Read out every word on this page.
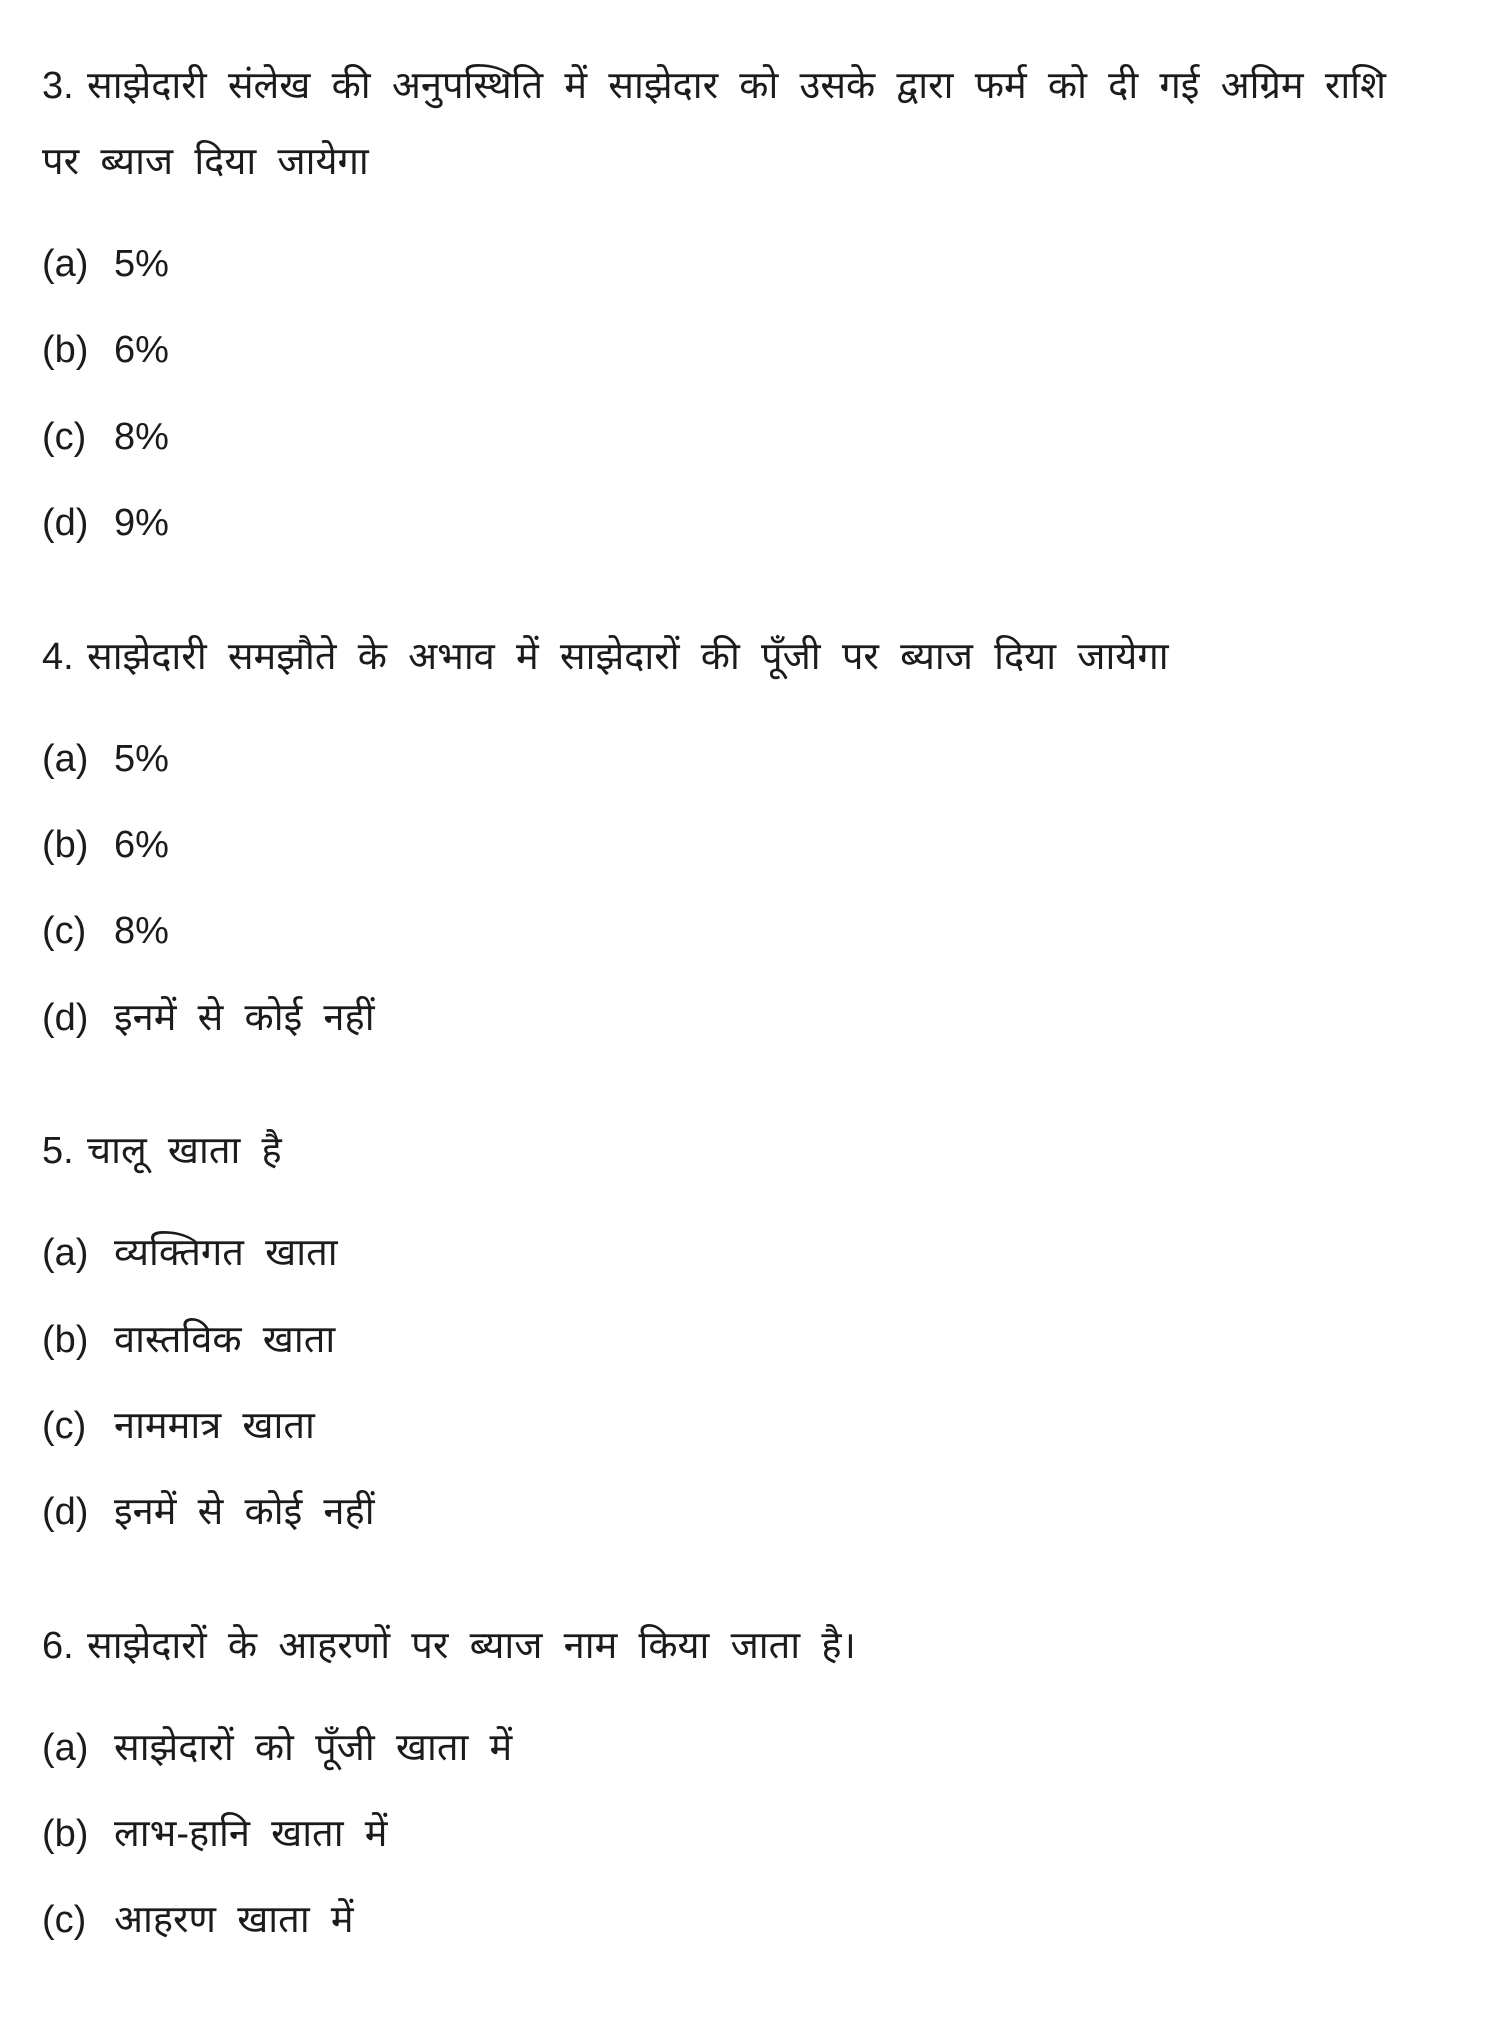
3. साझेदारी संलेख की अनुपस्थिति में साझेदार को उसके द्वारा फर्म को दी गई अग्रिम राशि पर ब्याज दिया जायेगा

(a) 5%
(b) 6%
(c) 8%
(d) 9%

4. साझेदारी समझौते के अभाव में साझेदारों की पूँजी पर ब्याज दिया जायेगा

(a) 5%
(b) 6%
(c) 8%
(d) इनमें से कोई नहीं

5. चालू खाता है

(a) व्यक्तिगत खाता
(b) वास्तविक खाता
(c) नाममात्र खाता
(d) इनमें से कोई नहीं

6. साझेदारों के आहरणों पर ब्याज नाम किया जाता है।

(a) साझेदारों को पूँजी खाता में
(b) लाभ-हानि खाता में
(c) आहरण खाता में
